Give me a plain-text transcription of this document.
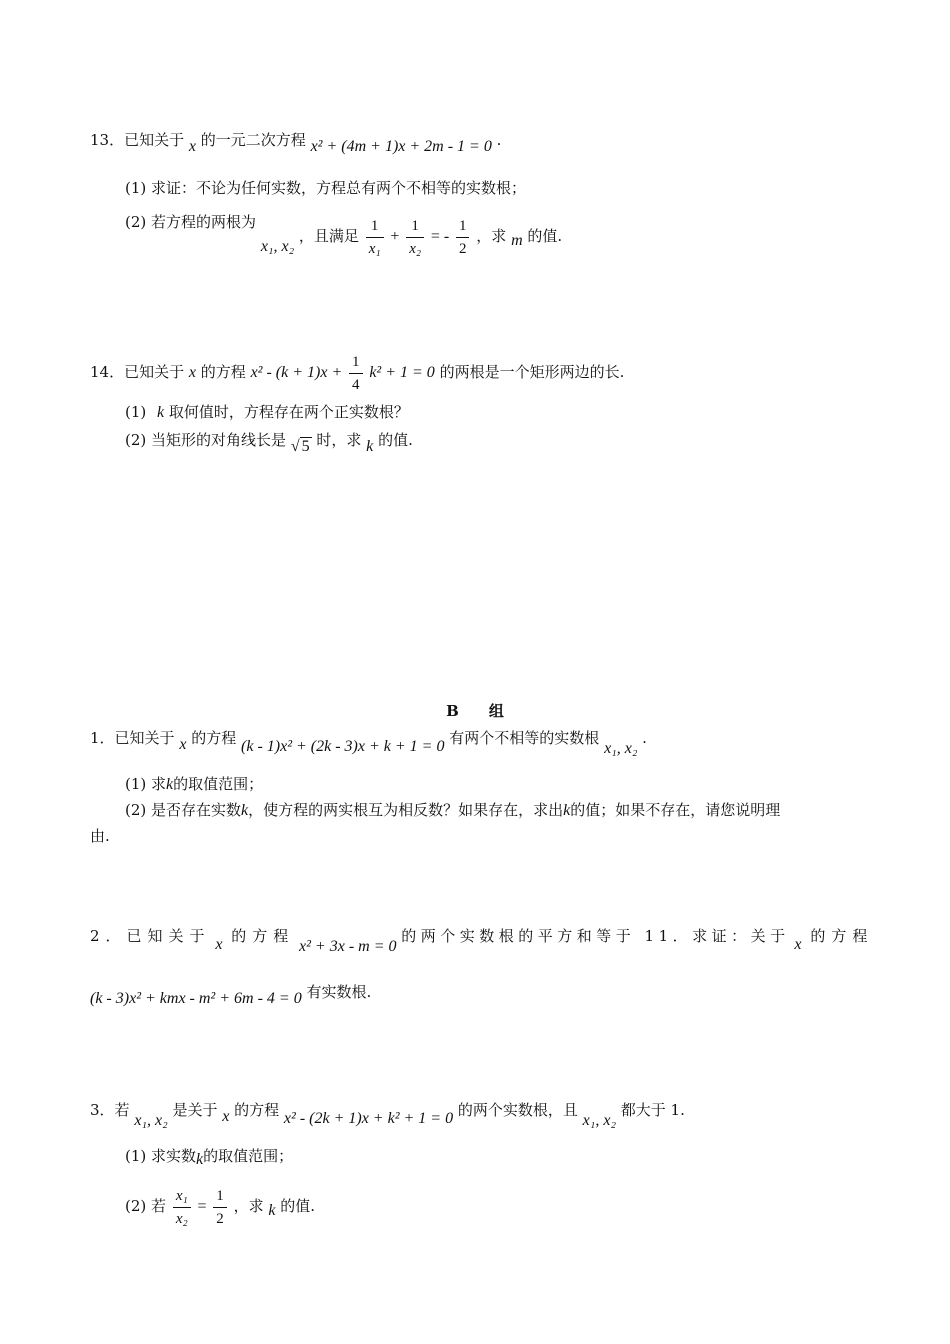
13．已知关于 x 的一元二次方程 x² + (4m + 1)x + 2m - 1 = 0 .
(1) 求证：不论为任何实数，方程总有两个不相等的实数根；
(2) 若方程的两根为 x₁, x₂ ，且满足 $\frac{1}{\text{x₁}} + \frac{1}{\text{x₂}}$ = - $\frac{1}{2}$ ，求 m 的值.
14．已知关于 x 的方程 $x^2 - (k + 1)x + \frac{1}{4} k^2 + 1 = 0$ 的两根是一个矩形两边的长.
(1) k 取何值时，方程存在两个正实数根？
(2) 当矩形的对角线长是 √ 5 时，求 k 的值.
B　　组
1．已知关于 x 的方程 (k - 1)x² + (2k - 3)x + k + 1 = 0 有两个不相等的实数根 x₁, x₂ .
(1) 求k的取值范围；
(2) 是否存在实数k，使方程的两实根互为相反数？如果存在，求出k的值；如果不存在，请您说明理
由.
2．已知关于 x 的方程 x² + 3x - m = 0 的两个实数根的平方和等于 11．求证：关于 x 的方程
(k - 3)x² + kmx - m² + 6m - 4 = 0 有实数根.
3．若 x₁, x₂ 是关于 x 的方程 x² - (2k + 1)x + k² + 1 = 0 的两个实数根，且 x₁, x₂ 都大于 1.
(1) 求实数k的取值范围；
(2) 若 $\frac{\text{x₁}}{\text{x₂}} = \frac{1}{2}$ ，求 k 的值.
